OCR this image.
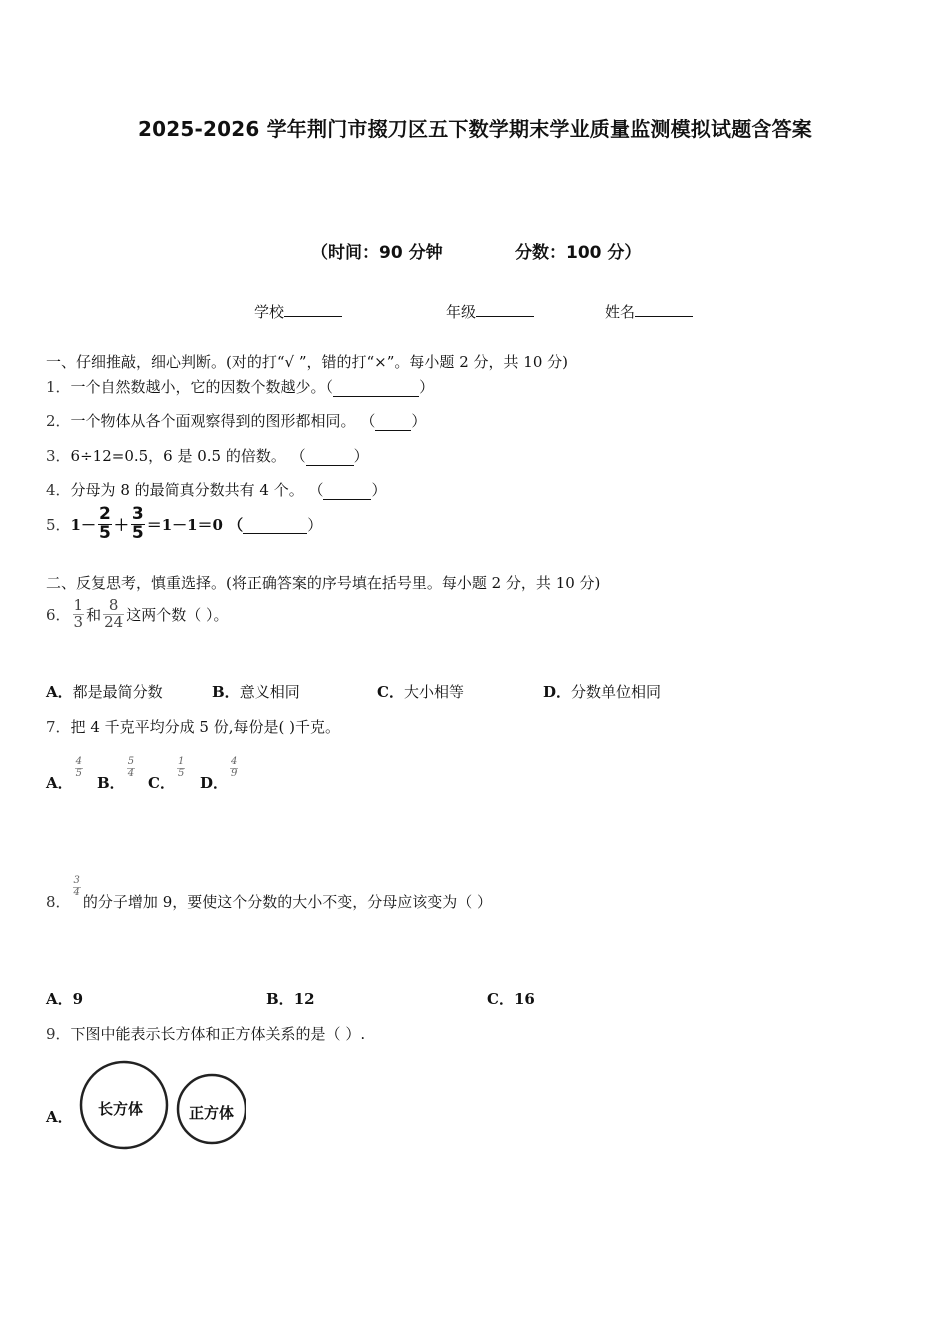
2025-2026 学年荆门市掇刀区五下数学期末学业质量监测模拟试题含答案
（时间：90 分钟	分数：100 分）
学校	年级	姓名
一、仔细推敲，细心判断。(对的打“√ ”，错的打“×”。每小题 2 分，共 10 分)
1．一个自然数越小，它的因数个数越少。（	）
2．一个物体从各个面观察得到的图形都相同。 （ ）
3．6÷12=0.5，6 是 0.5 的倍数。 （	）
4．分母为 8 的最简真分数共有 4 个。 （	）
5． $1- \frac{2}{5} + \frac{3}{5} =1-1=0$ （
	）
二、反复思考，慎重选择。(将正确答案的序号填在括号里。每小题 2 分，共 10 分)
6． $\frac{1}{3}$ 和 $\frac{8}{24}$ 这两个数（ ）。
A．都是最简分数	B．意义相同	C．大小相等	D．分数单位相同
7．把 4 千克平均分成 5 份,每份是( )千克。
A．
$\frac{4}{5}$
B．
$\frac{5}{4}$
C．
$\frac{1}{5}$
D．
$\frac{4}{9}$
8．
$\frac{3}{4}$
的分子增加 9，要使这个分数的大小不变，分母应该变为（ ）
A．9	B．12	C．16
9．下图中能表示长方体和正方体关系的是（ ）.
A． 长方体	正方体
